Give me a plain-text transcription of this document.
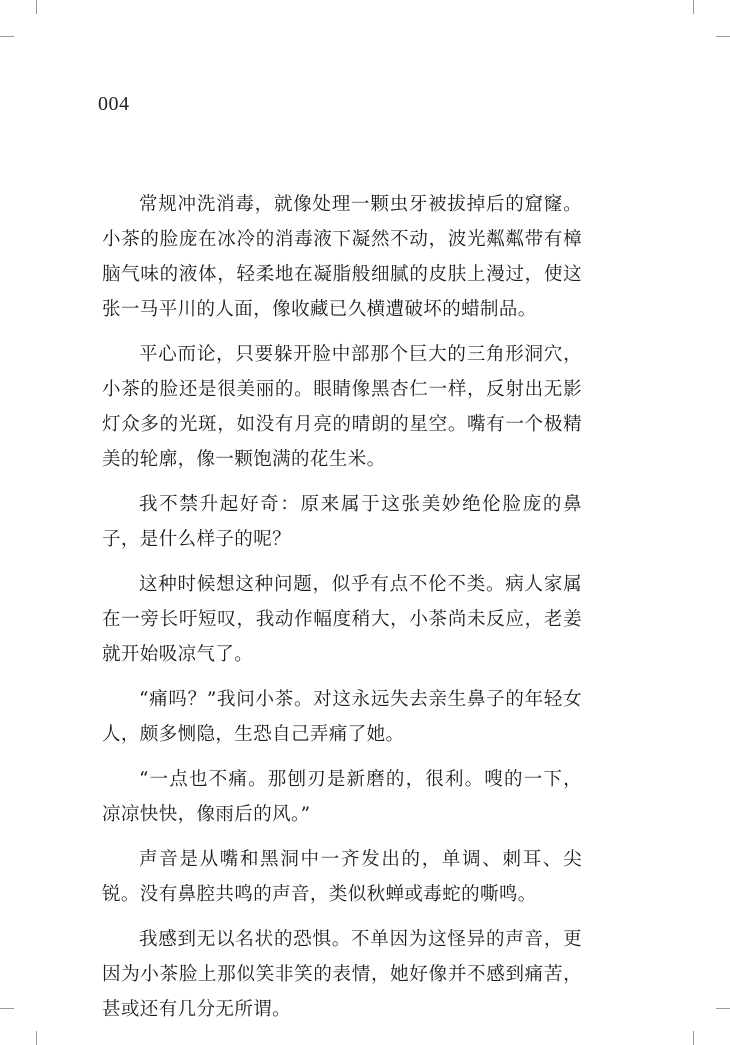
004

常规冲洗消毒，就像处理一颗虫牙被拔掉后的窟窿。小茶的脸庞在冰冷的消毒液下凝然不动，波光粼粼带有樟脑气味的液体，轻柔地在凝脂般细腻的皮肤上漫过，使这张一马平川的人面，像收藏已久横遭破坏的蜡制品。

平心而论，只要躲开脸中部那个巨大的三角形洞穴，小茶的脸还是很美丽的。眼睛像黑杏仁一样，反射出无影灯众多的光斑，如没有月亮的晴朗的星空。嘴有一个极精美的轮廓，像一颗饱满的花生米。

我不禁升起好奇：原来属于这张美妙绝伦脸庞的鼻子，是什么样子的呢？

这种时候想这种问题，似乎有点不伦不类。病人家属在一旁长吁短叹，我动作幅度稍大，小茶尚未反应，老姜就开始吸凉气了。

“痛吗？”我问小茶。对这永远失去亲生鼻子的年轻女人，颇多恻隐，生恐自己弄痛了她。

“一点也不痛。那刨刃是新磨的，很利。嗖的一下，凉凉快快，像雨后的风。”

声音是从嘴和黑洞中一齐发出的，单调、刺耳、尖锐。没有鼻腔共鸣的声音，类似秋蝉或毒蛇的嘶鸣。

我感到无以名状的恐惧。不单因为这怪异的声音，更因为小茶脸上那似笑非笑的表情，她好像并不感到痛苦，甚或还有几分无所谓。
